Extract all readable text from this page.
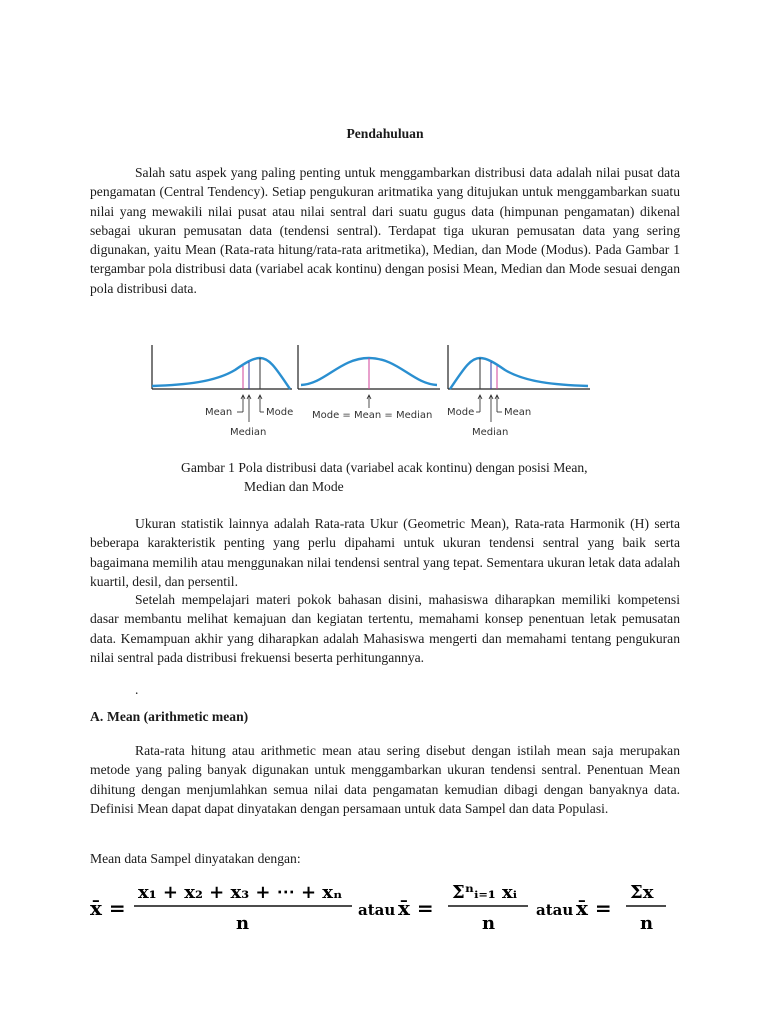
Pendahuluan

Salah satu aspek yang paling penting untuk menggambarkan distribusi data adalah nilai pusat data pengamatan (Central Tendency). Setiap pengukuran aritmatika yang ditujukan untuk menggambarkan suatu nilai yang mewakili nilai pusat atau nilai sentral dari suatu gugus data (himpunan pengamatan) dikenal sebagai ukuran pemusatan data (tendensi sentral). Terdapat tiga ukuran pemusatan data yang sering digunakan, yaitu Mean (Rata-rata hitung/rata-rata aritmetika), Median, dan Mode (Modus). Pada Gambar 1 tergambar pola distribusi data (variabel acak kontinu) dengan posisi Mean, Median dan Mode sesuai dengan pola distribusi data.

Mean	Mode
Median
Mode = Mean = Median Mode	Mean
Median
Gambar 1 Pola distribusi data (variabel acak kontinu) dengan posisi Mean,
Median dan Mode

Ukuran statistik lainnya adalah Rata-rata Ukur (Geometric Mean), Rata-rata Harmonik (H) serta beberapa karakteristik penting yang perlu dipahami untuk ukuran tendensi sentral yang baik serta bagaimana memilih atau menggunakan nilai tendensi sentral yang tepat. Sementara ukuran letak data adalah kuartil, desil, dan persentil.

Setelah mempelajari materi pokok bahasan disini, mahasiswa diharapkan memiliki kompetensi dasar membantu melihat kemajuan dan kegiatan tertentu, memahami konsep penentuan letak pemusatan data. Kemampuan akhir yang diharapkan adalah Mahasiswa mengerti dan memahami tentang pengukuran nilai sentral pada distribusi frekuensi beserta perhitungannya.

.
A. Mean (arithmetic mean)

Rata-rata hitung atau arithmetic mean atau sering disebut dengan istilah mean saja merupakan metode yang paling banyak digunakan untuk menggambarkan ukuran tendensi sentral. Penentuan Mean dihitung dengan menjumlahkan semua nilai data pengamatan kemudian dibagi dengan banyaknya data. Definisi Mean dapat dapat dinyatakan dengan persamaan untuk data Sampel dan data Populasi.

Mean data Sampel dinyatakan dengan:
x̄ =
x₁ + x₂ + x₃ + ⋯ + xₙ
n
atau x̄ =
Σⁿᵢ₌₁ xᵢ
n
atau x̄ =
Σx
n
